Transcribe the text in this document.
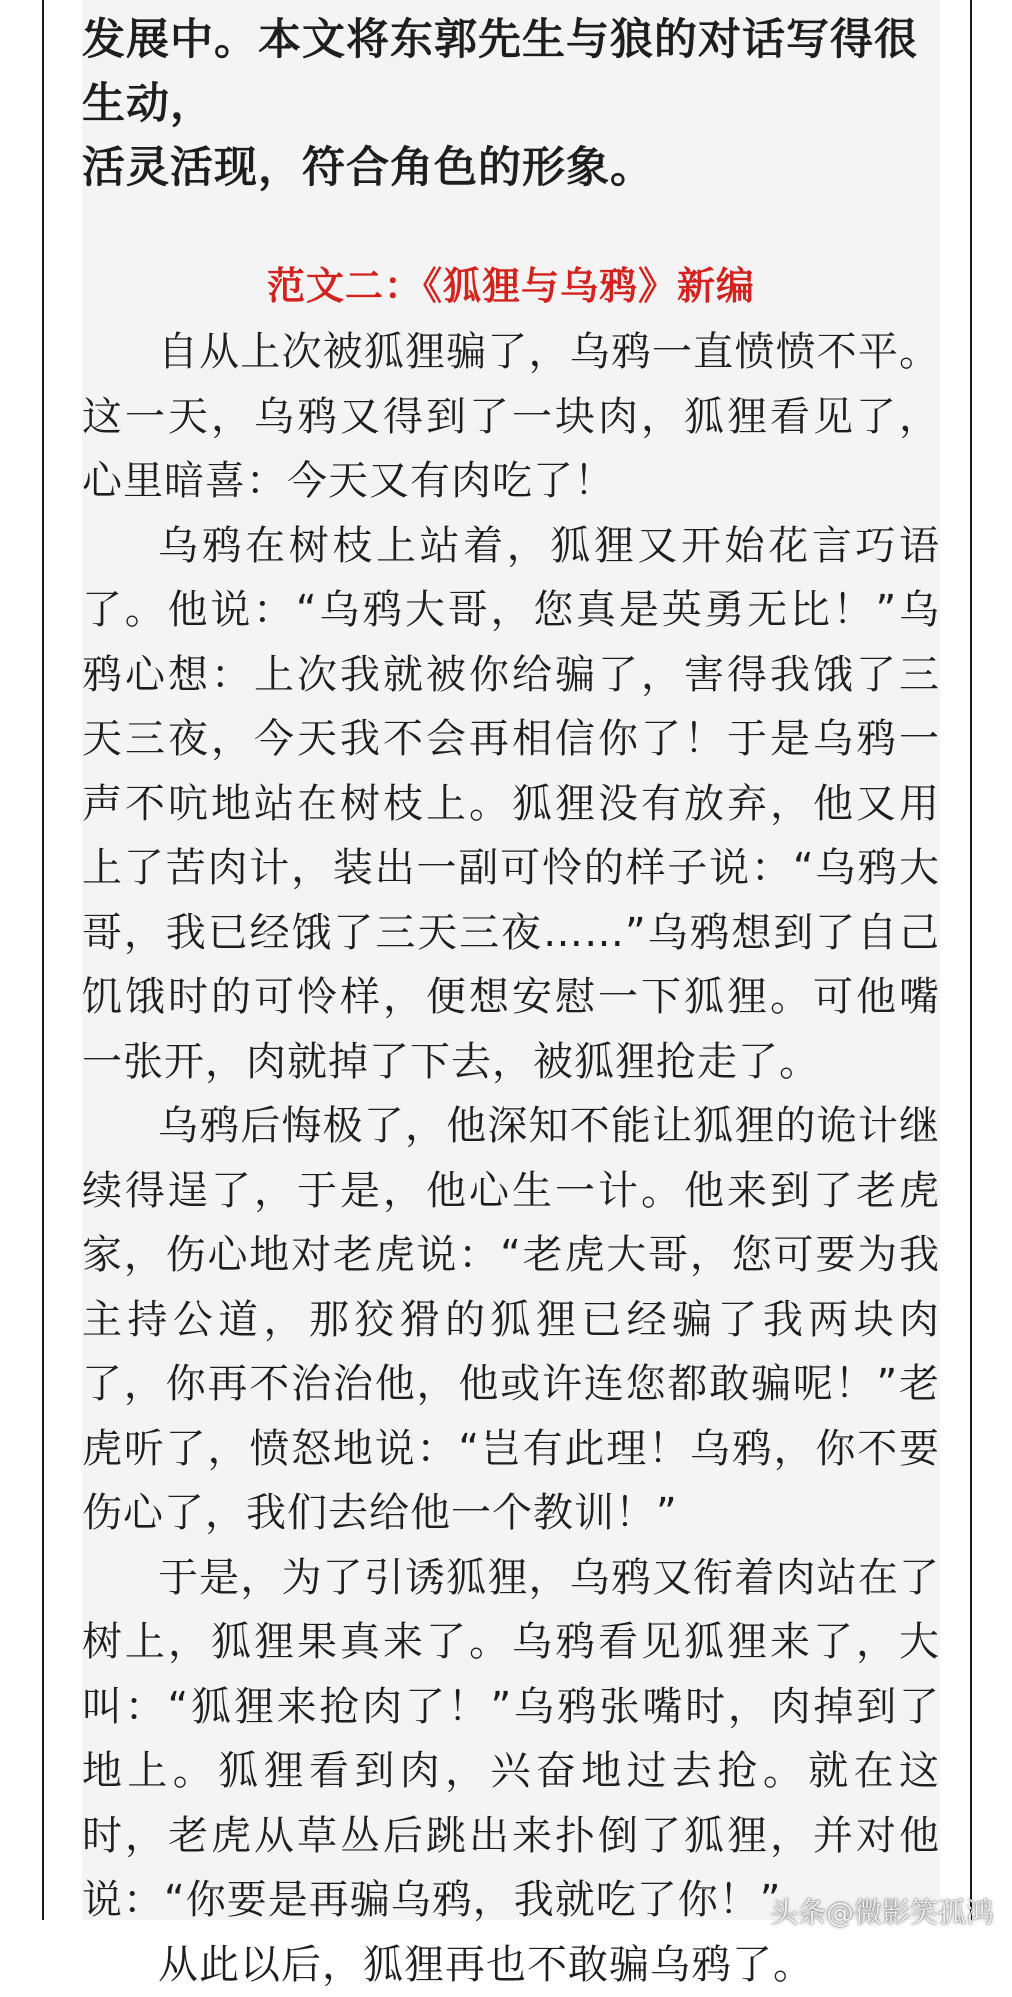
发展中。本文将东郭先生与狼的对话写得很生动，

活灵活现，符合角色的形象。

范文二：《狐狸与乌鸦》新编

自从上次被狐狸骗了，乌鸦一直愤愤不平。这一天，乌鸦又得到了一块肉，狐狸看见了，心里暗喜：今天又有肉吃了！

乌鸦在树枝上站着，狐狸又开始花言巧语了。他说：“乌鸦大哥，您真是英勇无比！”乌鸦心想：上次我就被你给骗了，害得我饿了三天三夜，今天我不会再相信你了！于是乌鸦一声不吭地站在树枝上。狐狸没有放弃，他又用上了苦肉计，装出一副可怜的样子说：“乌鸦大哥，我已经饿了三天三夜……”乌鸦想到了自己饥饿时的可怜样，便想安慰一下狐狸。可他嘴一张开，肉就掉了下去，被狐狸抢走了。

乌鸦后悔极了，他深知不能让狐狸的诡计继续得逞了，于是，他心生一计。他来到了老虎家，伤心地对老虎说：“老虎大哥，您可要为我主持公道，那狡猾的狐狸已经骗了我两块肉了，你再不治治他，他或许连您都敢骗呢！”老虎听了，愤怒地说：“岂有此理！乌鸦，你不要伤心了，我们去给他一个教训！”

于是，为了引诱狐狸，乌鸦又衔着肉站在了树上，狐狸果真来了。乌鸦看见狐狸来了，大叫：“狐狸来抢肉了！”乌鸦张嘴时，肉掉到了地上。狐狸看到肉，兴奋地过去抢。就在这时，老虎从草丛后跳出来扑倒了狐狸，并对他说：“你要是再骗乌鸦，我就吃了你！”

从此以后，狐狸再也不敢骗乌鸦了。

头条@微影笑孤鸿
